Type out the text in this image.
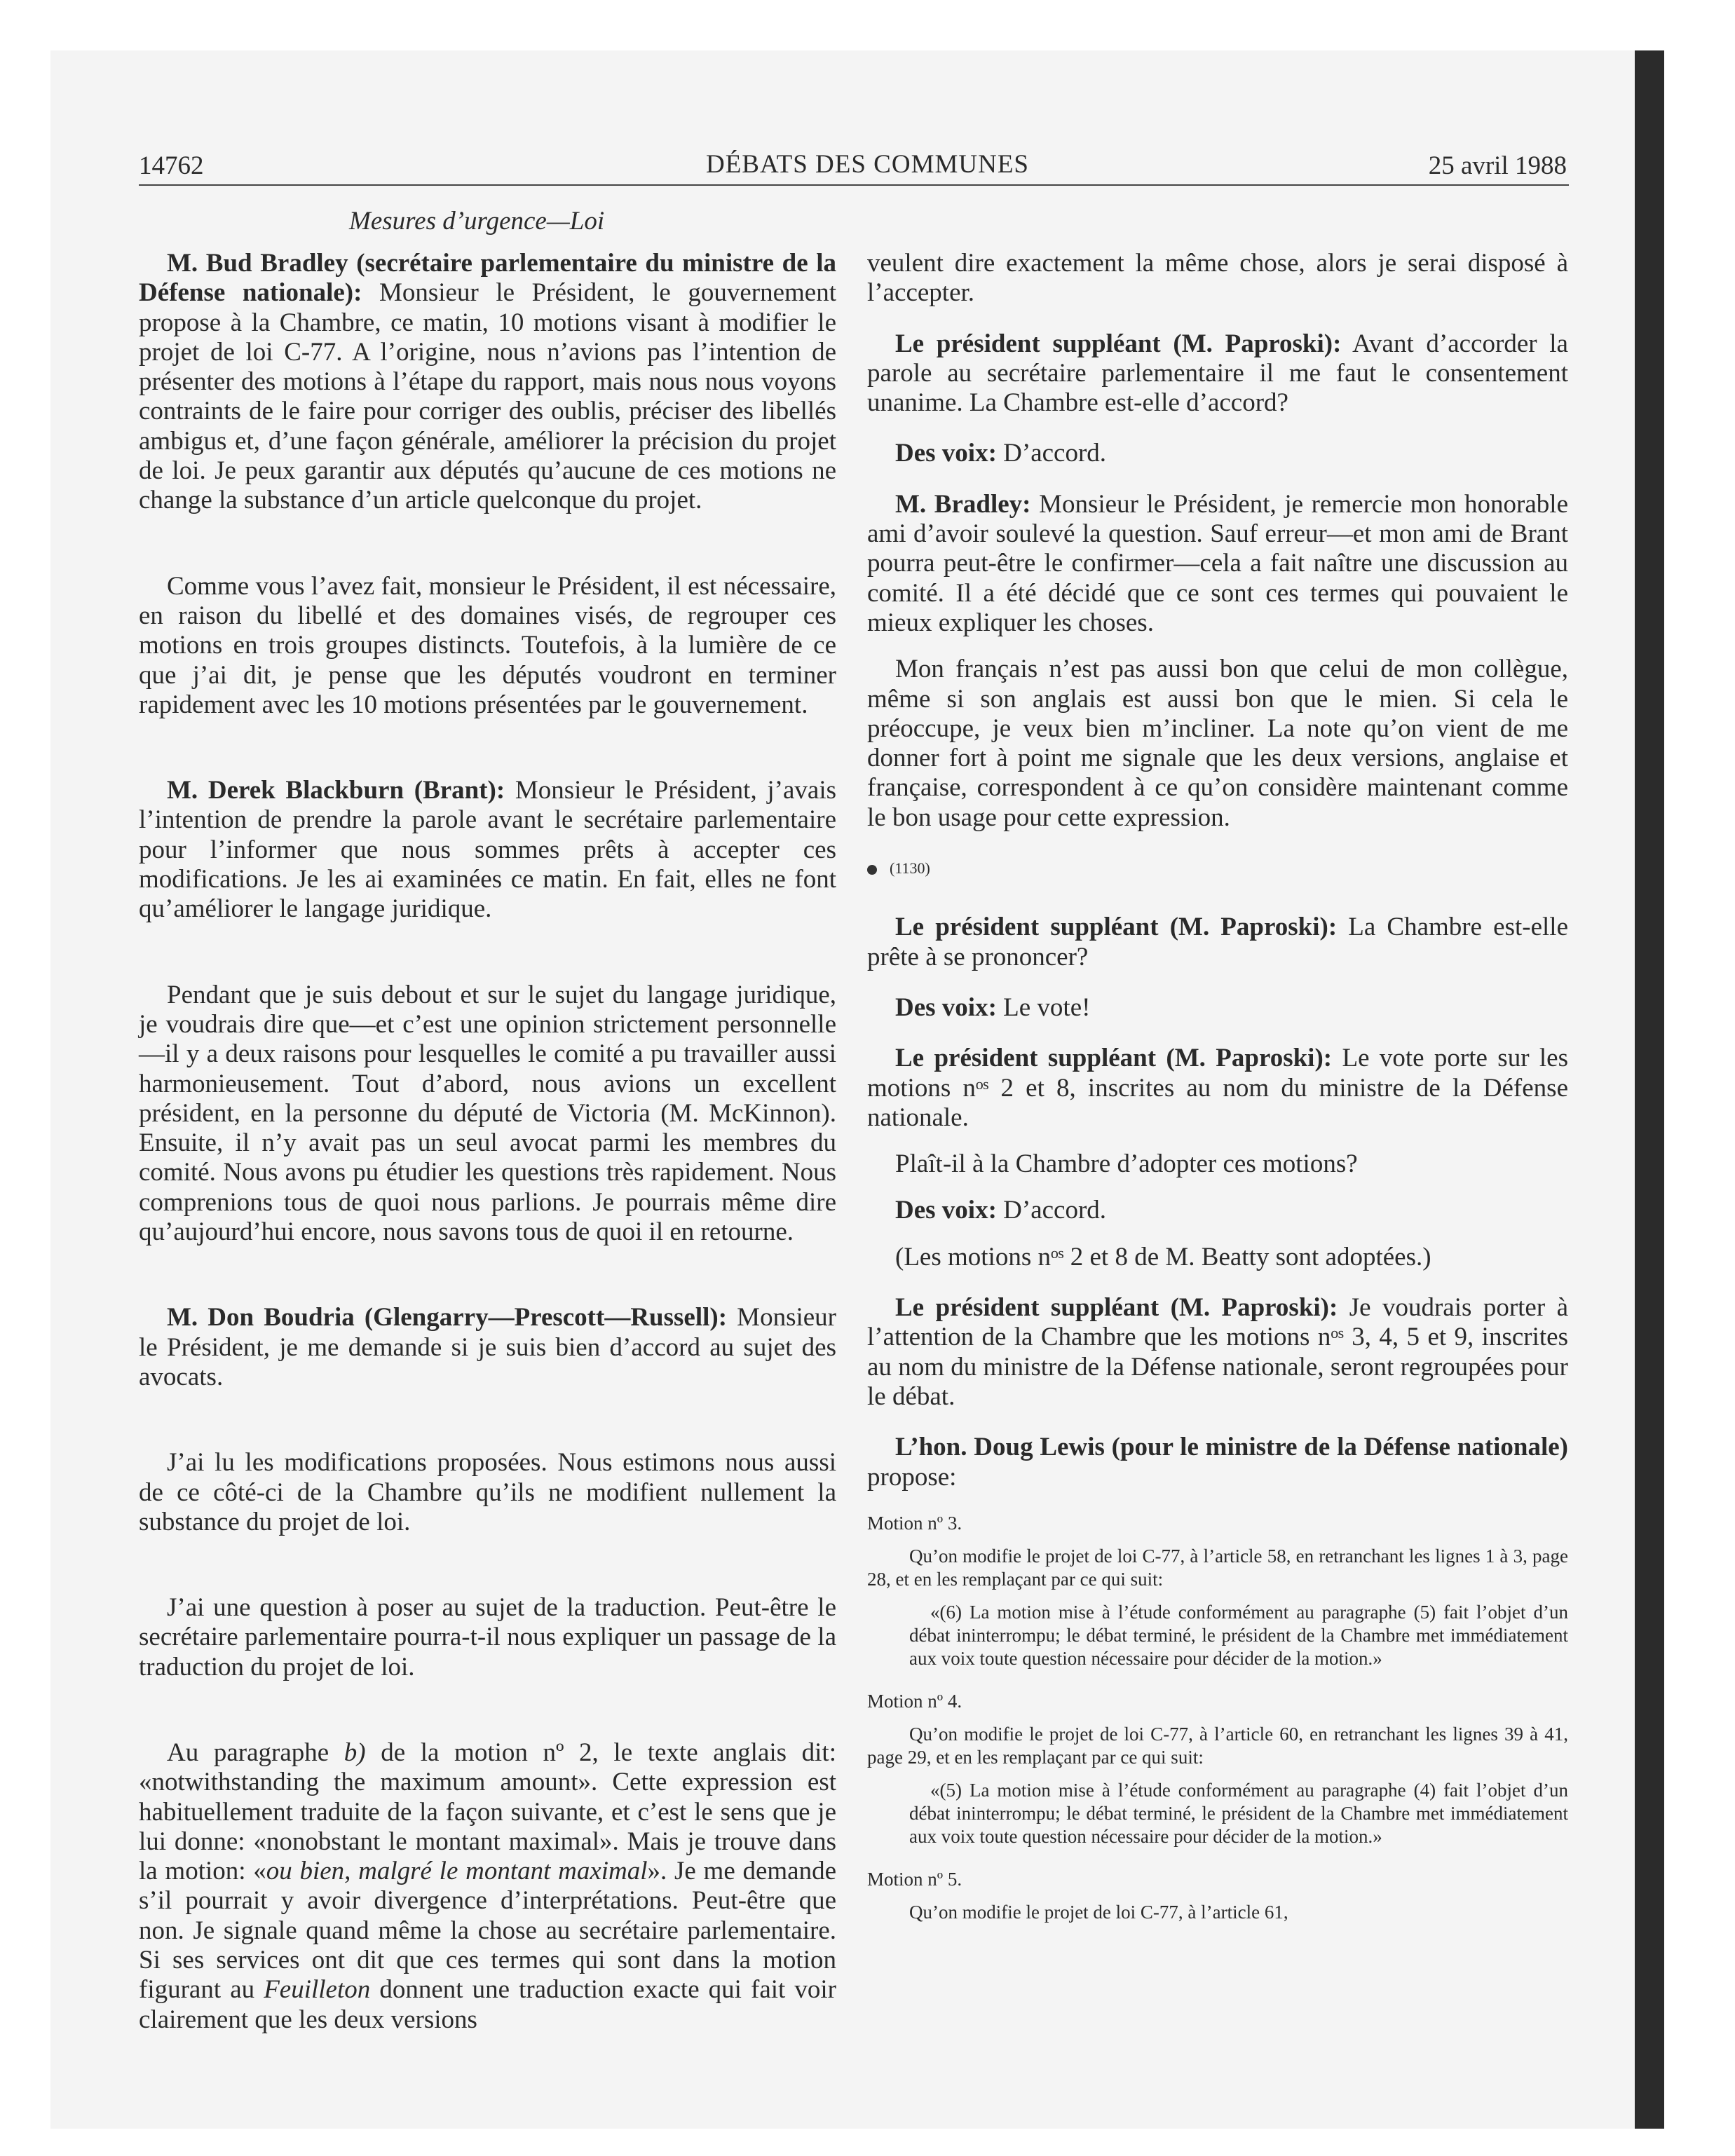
14762	DÉBATS DES COMMUNES	25 avril 1988
Mesures d’urgence—Loi

M. Bud Bradley (secrétaire parlementaire du ministre de la Défense nationale): Monsieur le Président, le gouvernement propose à la Chambre, ce matin, 10 motions visant à modifier le projet de loi C-77. A l’origine, nous n’avions pas l’intention de présenter des motions à l’étape du rapport, mais nous nous voyons contraints de le faire pour corriger des oublis, préciser des libellés ambigus et, d’une façon générale, améliorer la précision du projet de loi. Je peux garantir aux députés qu’aucune de ces motions ne change la substance d’un article quelconque du projet.

Comme vous l’avez fait, monsieur le Président, il est nécessaire, en raison du libellé et des domaines visés, de regrouper ces motions en trois groupes distincts. Toutefois, à la lumière de ce que j’ai dit, je pense que les députés voudront en terminer rapidement avec les 10 motions présentées par le gouvernement.

M. Derek Blackburn (Brant): Monsieur le Président, j’avais l’intention de prendre la parole avant le secrétaire parlementaire pour l’informer que nous sommes prêts à accepter ces modifications. Je les ai examinées ce matin. En fait, elles ne font qu’améliorer le langage juridique.

Pendant que je suis debout et sur le sujet du langage juridique, je voudrais dire que—et c’est une opinion strictement personnelle—il y a deux raisons pour lesquelles le comité a pu travailler aussi harmonieusement. Tout d’abord, nous avions un excellent président, en la personne du député de Victoria (M. McKinnon). Ensuite, il n’y avait pas un seul avocat parmi les membres du comité. Nous avons pu étudier les questions très rapidement. Nous comprenions tous de quoi nous parlions. Je pourrais même dire qu’aujourd’hui encore, nous savons tous de quoi il en retourne.

M. Don Boudria (Glengarry—Prescott—Russell): Monsieur le Président, je me demande si je suis bien d’accord au sujet des avocats.

J’ai lu les modifications proposées. Nous estimons nous aussi de ce côté-ci de la Chambre qu’ils ne modifient nullement la substance du projet de loi.

J’ai une question à poser au sujet de la traduction. Peut-être le secrétaire parlementaire pourra-t-il nous expliquer un passage de la traduction du projet de loi.

Au paragraphe b) de la motion nº 2, le texte anglais dit: «notwithstanding the maximum amount». Cette expression est habituellement traduite de la façon suivante, et c’est le sens que je lui donne: «nonobstant le montant maximal». Mais je trouve dans la motion: «ou bien, malgré le montant maximal». Je me demande s’il pourrait y avoir divergence d’interprétations. Peut-être que non. Je signale quand même la chose au secrétaire parlementaire. Si ses services ont dit que ces termes qui sont dans la motion figurant au Feuilleton donnent une traduction exacte qui fait voir clairement que les deux versions

veulent dire exactement la même chose, alors je serai disposé à l’accepter.

Le président suppléant (M. Paproski): Avant d’accorder la parole au secrétaire parlementaire il me faut le consentement unanime. La Chambre est-elle d’accord?

Des voix: D’accord.

M. Bradley: Monsieur le Président, je remercie mon honorable ami d’avoir soulevé la question. Sauf erreur—et mon ami de Brant pourra peut-être le confirmer—cela a fait naître une discussion au comité. Il a été décidé que ce sont ces termes qui pouvaient le mieux expliquer les choses.

Mon français n’est pas aussi bon que celui de mon collègue, même si son anglais est aussi bon que le mien. Si cela le préoccupe, je veux bien m’incliner. La note qu’on vient de me donner fort à point me signale que les deux versions, anglaise et française, correspondent à ce qu’on considère maintenant comme le bon usage pour cette expression.

(1130)

Le président suppléant (M. Paproski): La Chambre est-elle prête à se prononcer?

Des voix: Le vote!

Le président suppléant (M. Paproski): Le vote porte sur les motions nᵒˢ 2 et 8, inscrites au nom du ministre de la Défense nationale.

Plaît-il à la Chambre d’adopter ces motions?

Des voix: D’accord.

(Les motions nᵒˢ 2 et 8 de M. Beatty sont adoptées.)

Le président suppléant (M. Paproski): Je voudrais porter à l’attention de la Chambre que les motions nᵒˢ 3, 4, 5 et 9, inscrites au nom du ministre de la Défense nationale, seront regroupées pour le débat.

L’hon. Doug Lewis (pour le ministre de la Défense nationale) propose:

Motion nº 3.

Qu’on modifie le projet de loi C-77, à l’article 58, en retranchant les lignes 1 à 3, page 28, et en les remplaçant par ce qui suit:

«(6) La motion mise à l’étude conformément au paragraphe (5) fait l’objet d’un débat ininterrompu; le débat terminé, le président de la Chambre met immédiatement aux voix toute question nécessaire pour décider de la motion.»

Motion nº 4.

Qu’on modifie le projet de loi C-77, à l’article 60, en retranchant les lignes 39 à 41, page 29, et en les remplaçant par ce qui suit:

«(5) La motion mise à l’étude conformément au paragraphe (4) fait l’objet d’un débat ininterrompu; le débat terminé, le président de la Chambre met immédiatement aux voix toute question nécessaire pour décider de la motion.»

Motion nº 5.

Qu’on modifie le projet de loi C-77, à l’article 61,
